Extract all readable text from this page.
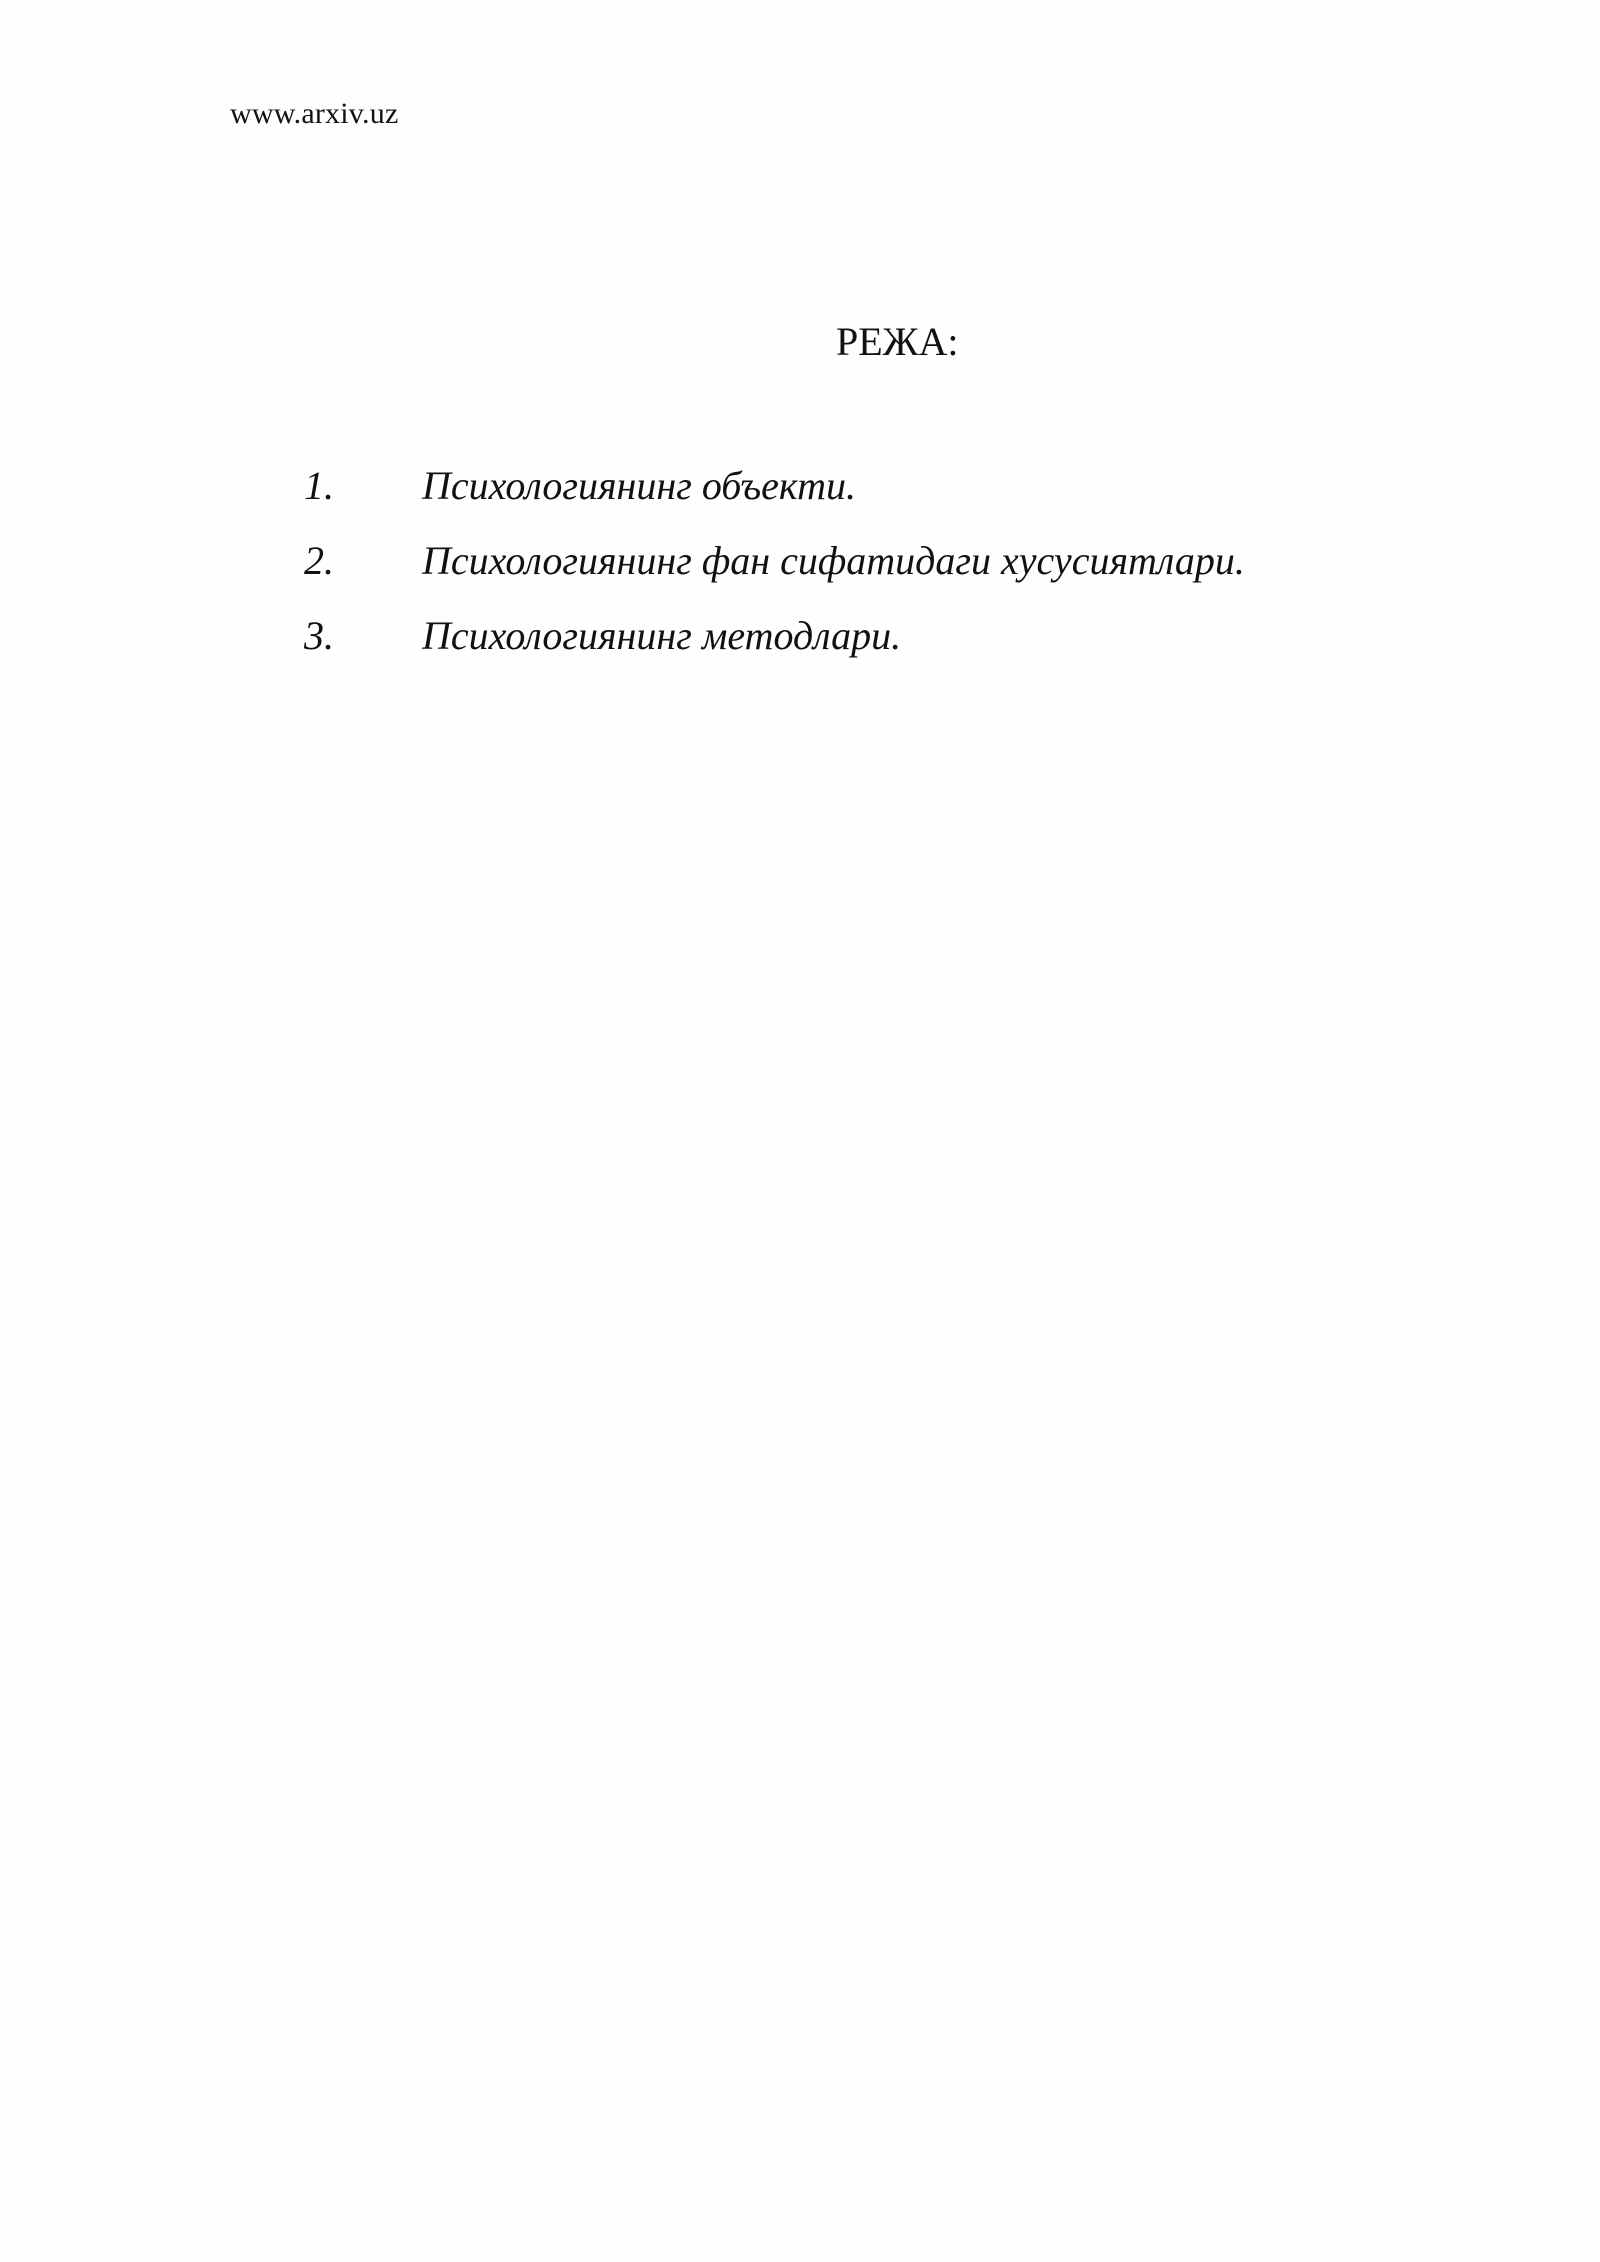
www.arxiv.uz
РЕЖА:
1. Психологиянинг объекти.
2. Психологиянинг фан сифатидаги хусусиятлари.
3. Психологиянинг методлари.
